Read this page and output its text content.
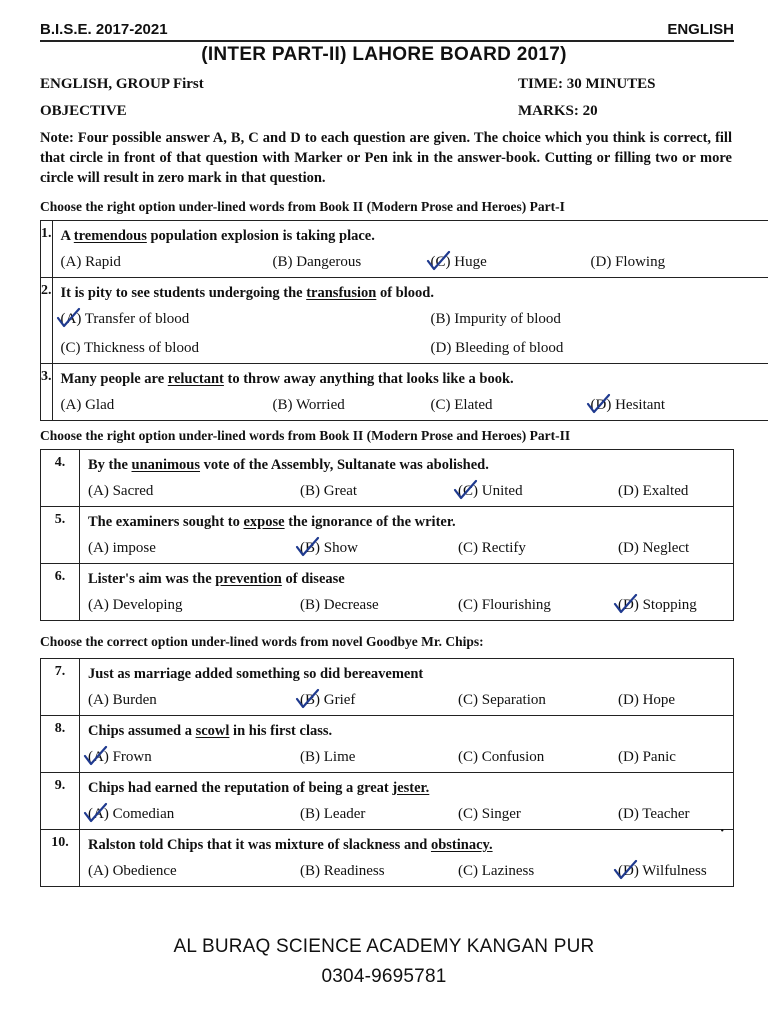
B.I.S.E. 2017-2021	ENGLISH
(INTER PART-II) LAHORE BOARD 2017)
ENGLISH, GROUP First	TIME: 30 MINUTES
OBJECTIVE	MARKS: 20
Note: Four possible answer A, B, C and D to each question are given. The choice which you think is correct, fill that circle in front of that question with Marker or Pen ink in the answer-book. Cutting or filling two or more circle will result in zero mark in that question.
Choose the right option under-lined words from Book II (Modern Prose and Heroes) Part-I
1.	A tremendous population explosion is taking place.
(A) Rapid (B) Dangerous (C) Huge (D) Flowing

2.	It is pity to see students undergoing the transfusion of blood.
(A) Transfer of blood (B) Impurity of blood
(C) Thickness of blood (D) Bleeding of blood

3.	Many people are reluctant to throw away anything that looks like a book.
(A) Glad (B) Worried (C) Elated (D) Hesitant
Choose the right option under-lined words from Book II (Modern Prose and Heroes) Part-II
4.	By the unanimous vote of the Assembly, Sultanate was abolished.
(A) Sacred (B) Great (C) United (D) Exalted

5.	The examiners sought to expose the ignorance of the writer.
(A) impose (B) Show (C) Rectify (D) Neglect

6.	Lister's aim was the prevention of disease
(A) Developing (B) Decrease (C) Flourishing (D) Stopping
Choose the correct option under-lined words from novel Goodbye Mr. Chips:
7.	Just as marriage added something so did bereavement
(A) Burden (B) Grief (C) Separation (D) Hope

8.	Chips assumed a scowl in his first class.
(A) Frown (B) Lime (C) Confusion (D) Panic

9.	Chips had earned the reputation of being a great jester.
(A) Comedian (B) Leader (C) Singer (D) Teacher

10.	Ralston told Chips that it was mixture of slackness and obstinacy.
(A) Obedience (B) Readiness (C) Laziness (D) Wilfulness
•
AL BURAQ SCIENCE ACADEMY KANGAN PUR
0304-9695781
